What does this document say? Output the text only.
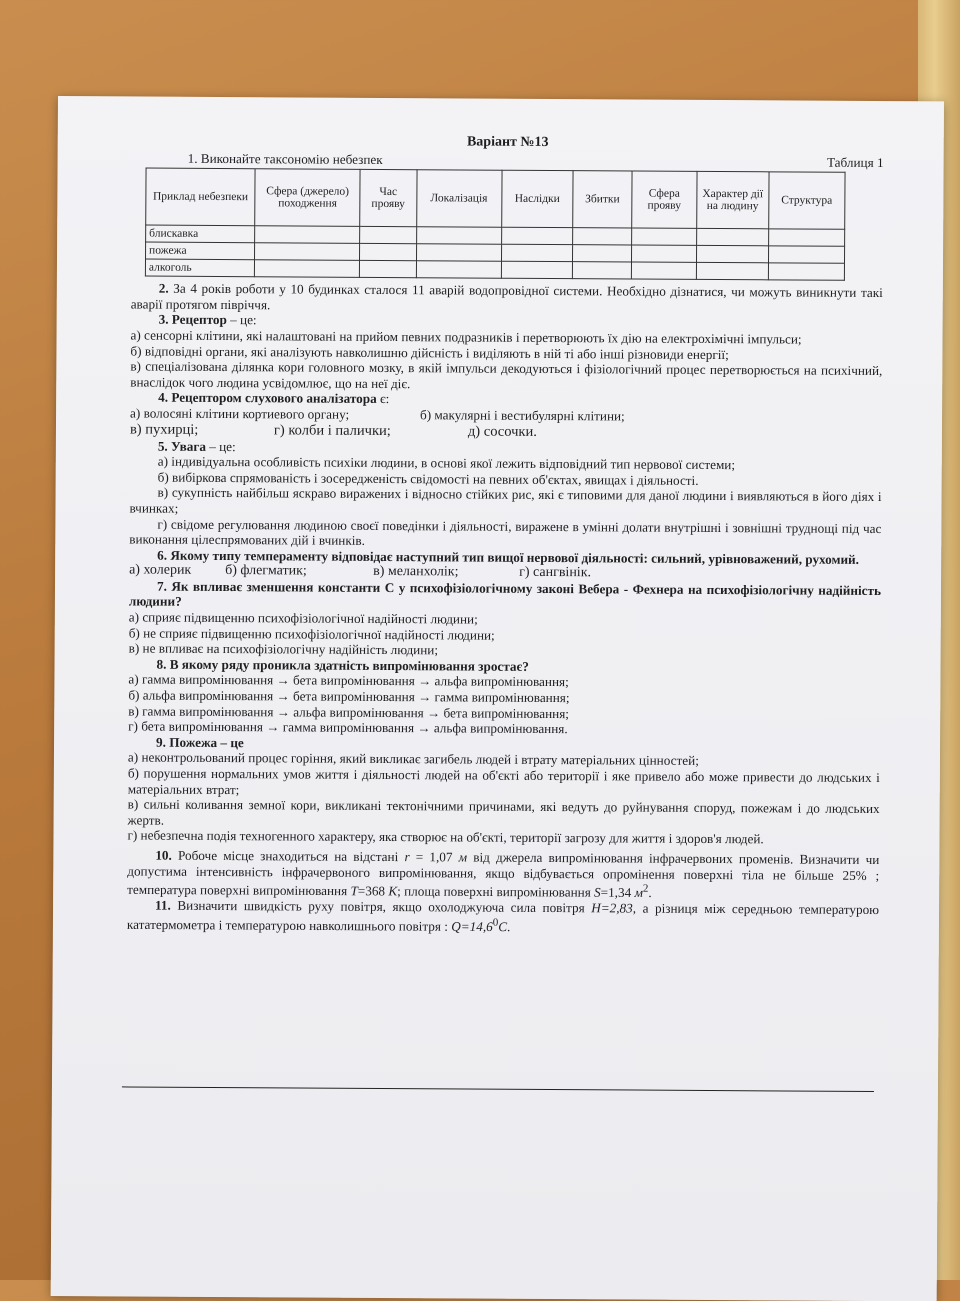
Варіант №13

1. Виконайте таксономію небезпек	Таблиця 1
Приклад небезпеки	Сфера (джерело) походження	Час прояву	Локалізація	Наслідки	Збитки	Сфера прояву	Характер дії на людину	Структура
блискавка								
пожежа								
алкоголь								

2. За 4 років роботи у 10 будинках сталося 11 аварій водопровідної системи. Необхідно дізнатися, чи можуть виникнути такі аварії протягом півріччя.

3. Рецептор – це:

а) сенсорні клітини, які налаштовані на прийом певних подразників і перетворюють їх дію на електрохімічні імпульси;

б) відповідні органи, які аналізують навколишню дійсність і виділяють в ній ті або інші різновиди енергії;

в) спеціалізована ділянка кори головного мозку, в якій імпульси декодуються і фізіологічний процес перетворюється на психічний, внаслідок чого людина усвідомлює, що на неї діє.

4. Рецептором слухового аналізатора є:

а) волосяні клітини кортиевого органу;	б) макулярні і вестибулярні клітини;
в) пухирці;	г) колби і палички;	д) сосочки.

5. Увага – це:

а) індивідуальна особливість психіки людини, в основі якої лежить відповідний тип нервової системи;

б) вибіркова спрямованість і зосередженість свідомості на певних об'єктах, явищах і діяльності.

в) сукупність найбільш яскраво виражених і відносно стійких рис, які є типовими для даної людини і виявляються в його діях і вчинках;

г) свідоме регулювання людиною своєї поведінки і діяльності, виражене в умінні долати внутрішні і зовнішні труднощі під час виконання цілеспрямованих дій і вчинків.

6. Якому типу темпераменту відповідає наступний тип вищої нервової діяльності: сильний, урівноважений, рухомий.

а) холерик	б) флегматик;	в) меланхолік;	г) сангвінік.

7. Як впливає зменшення константи С у психофізіологічному законі Вебера - Фехнера на психофізіологічну надійність людини?

а) сприяє підвищенню психофізіологічної надійності людини;

б) не сприяє підвищенню психофізіологічної надійності людини;

в) не впливає на психофізіологічну надійність людини;

8. В якому ряду проникла здатність випромінювання зростає?

а) гамма випромінювання → бета випромінювання → альфа випромінювання;

б) альфа випромінювання → бета випромінювання → гамма випромінювання;

в) гамма випромінювання → альфа випромінювання → бета випромінювання;

г) бета випромінювання → гамма випромінювання → альфа випромінювання.

9. Пожежа – це

а) неконтрольований процес горіння, який викликає загибель людей і втрату матеріальних цінностей;

б) порушення нормальних умов життя і діяльності людей на об'єкті або території і яке привело або може привести до людських і матеріальних втрат;

в) сильні коливання земної кори, викликані тектонічними причинами, які ведуть до руйнування споруд, пожежам і до людських жертв.

г) небезпечна подія техногенного характеру, яка створює на об'єкті, території загрозу для життя і здоров'я людей.

10. Робоче місце знаходиться на відстані r = 1,07 м від джерела випромінювання інфрачервоних променів. Визначити чи допустима інтенсивність інфрачервоного випромінювання, якщо відбувається опромінення поверхні тіла не більше 25% ; температура поверхні випромінювання T=368 K; площа поверхні випромінювання S=1,34 $м^2$.

11. Визначити швидкість руху повітря, якщо охолоджуюча сила повітря H=2,83, а різниця між середньою температурою кататермометра і температурою навколишнього повітря : $Q=14,6^0C$.
